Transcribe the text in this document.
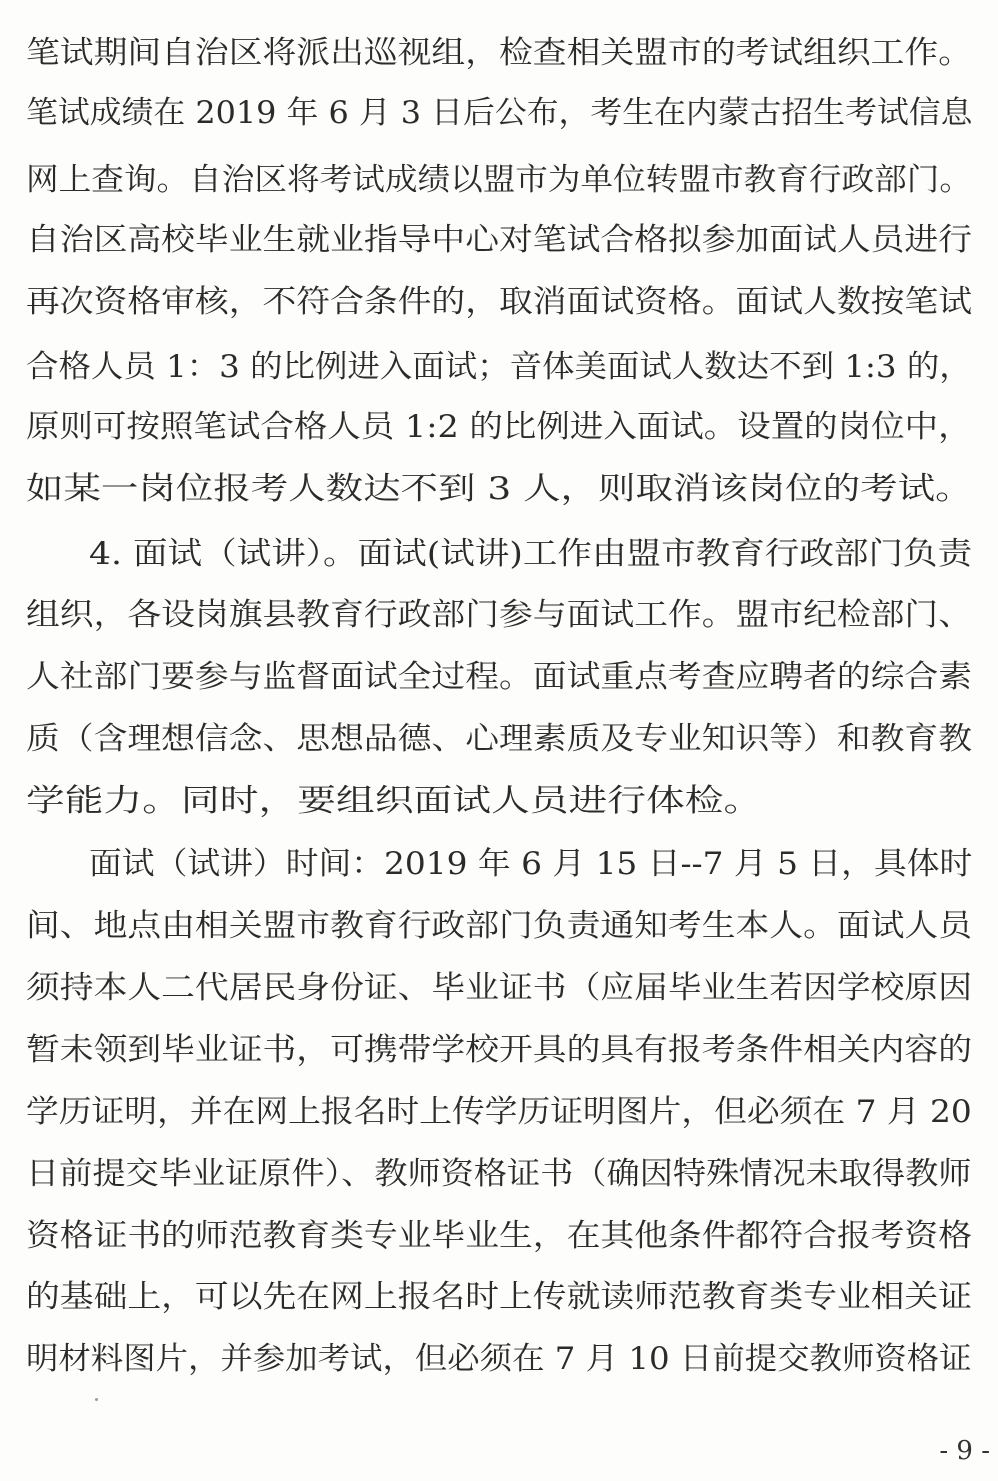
笔试期间自治区将派出巡视组，检查相关盟市的考试组织工作。
笔试成绩在 2019 年 6 月 3 日后公布，考生在内蒙古招生考试信息
网上查询。自治区将考试成绩以盟市为单位转盟市教育行政部门。
自治区高校毕业生就业指导中心对笔试合格拟参加面试人员进行
再次资格审核，不符合条件的，取消面试资格。面试人数按笔试
合格人员 1：3 的比例进入面试；音体美面试人数达不到 1:3 的，
原则可按照笔试合格人员 1:2 的比例进入面试。设置的岗位中，
如某一岗位报考人数达不到 3 人，则取消该岗位的考试。
4. 面试（试讲）。面试(试讲)工作由盟市教育行政部门负责
组织，各设岗旗县教育行政部门参与面试工作。盟市纪检部门、
人社部门要参与监督面试全过程。面试重点考查应聘者的综合素
质（含理想信念、思想品德、心理素质及专业知识等）和教育教
学能力。同时，要组织面试人员进行体检。
面试（试讲）时间：2019 年 6 月 15 日--7 月 5 日，具体时
间、地点由相关盟市教育行政部门负责通知考生本人。面试人员
须持本人二代居民身份证、毕业证书（应届毕业生若因学校原因
暂未领到毕业证书，可携带学校开具的具有报考条件相关内容的
学历证明，并在网上报名时上传学历证明图片，但必须在 7 月 20
日前提交毕业证原件）、教师资格证书（确因特殊情况未取得教师
资格证书的师范教育类专业毕业生，在其他条件都符合报考资格
的基础上，可以先在网上报名时上传就读师范教育类专业相关证
明材料图片，并参加考试，但必须在 7 月 10 日前提交教师资格证
- 9 -
